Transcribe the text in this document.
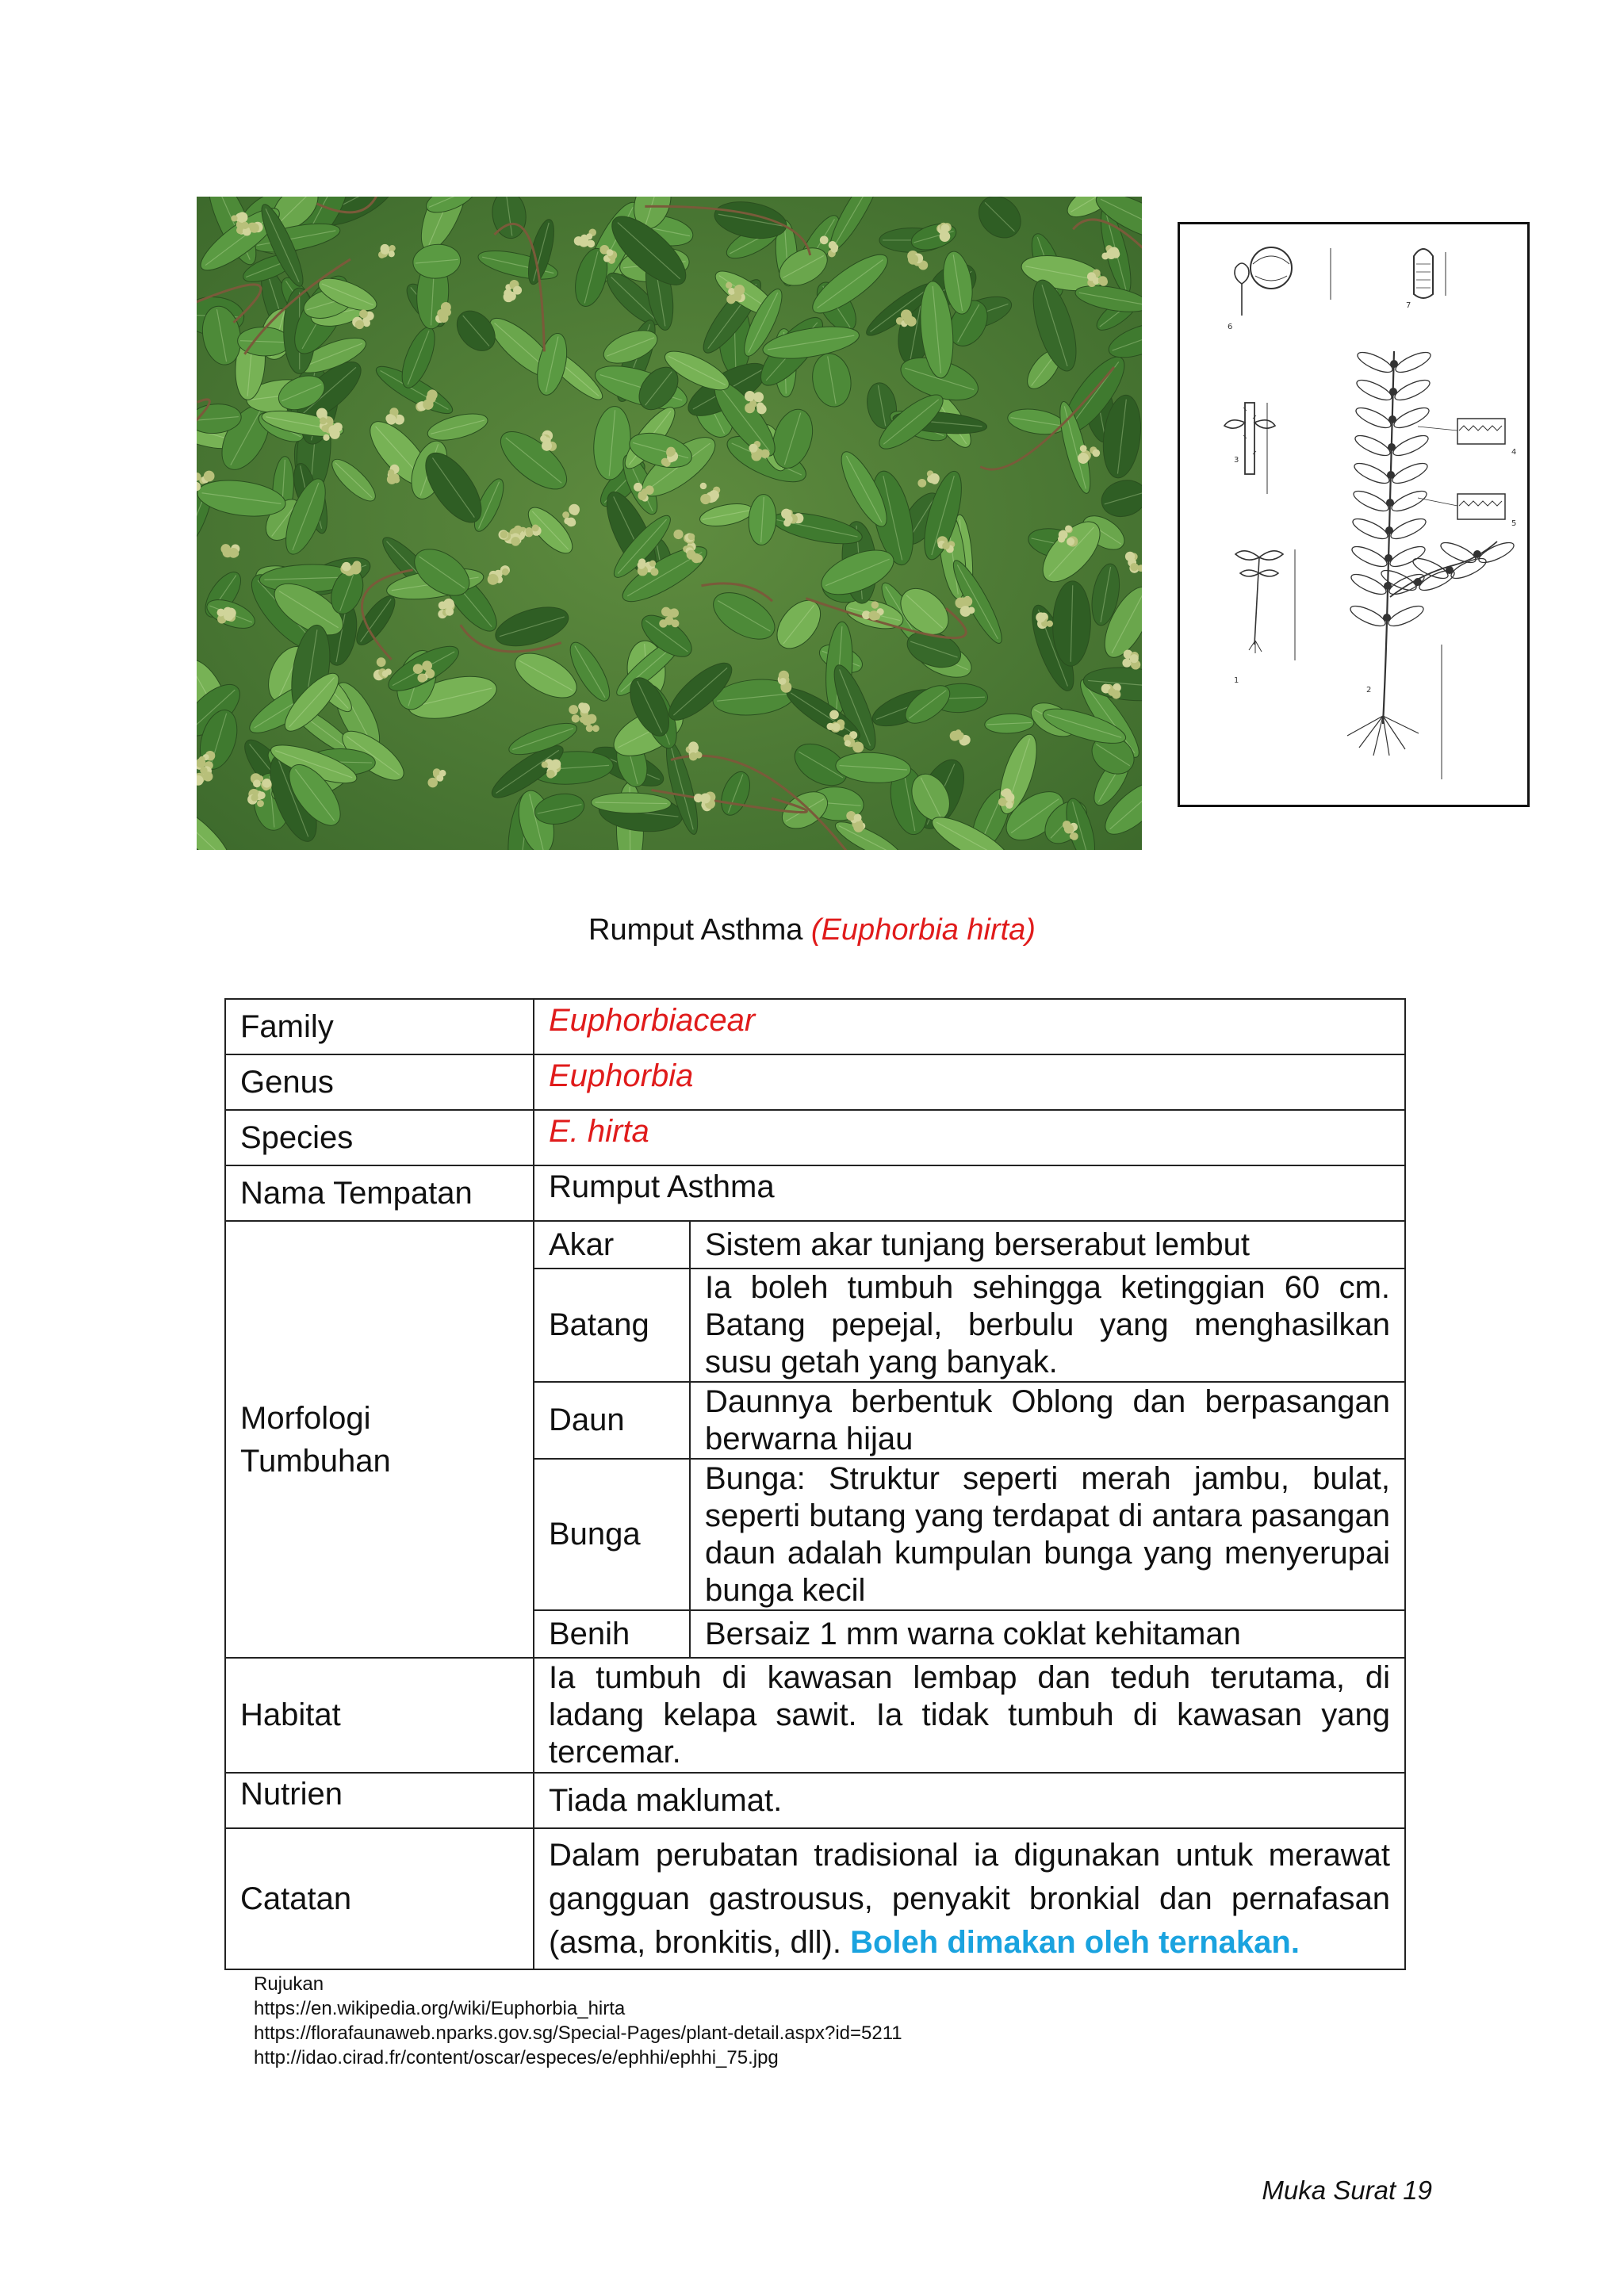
6
7
3
1
4
5
2
Rumput Asthma (Euphorbia hirta)
Family	Euphorbiacear	
Genus	Euphorbia	
Species	E. hirta	
Nama Tempatan	Rumput Asthma	

Morfologi
Tumbuhan	Akar	Sistem akar tunjang berserabut lembut
	Batang	Ia boleh tumbuh sehingga ketinggian 60 cm. Batang pepejal, berbulu yang menghasilkan susu getah yang banyak.
	Daun	Daunnya berbentuk Oblong dan berpasangan berwarna hijau
	Bunga	Bunga: Struktur seperti merah jambu, bulat, seperti butang yang terdapat di antara pasangan daun adalah kumpulan bunga yang menyerupai bunga kecil
	Benih	Bersaiz 1 mm warna coklat kehitaman
Habitat	Ia tumbuh di kawasan lembap dan teduh terutama, di ladang kelapa sawit. Ia tidak tumbuh di kawasan yang tercemar.	
Nutrien	Tiada maklumat.	
Catatan	Dalam perubatan tradisional ia digunakan untuk merawat gangguan gastrousus, penyakit bronkial dan pernafasan (asma, bronkitis, dll). Boleh dimakan oleh ternakan.	
Rujukan
https://en.wikipedia.org/wiki/Euphorbia_hirta
https://florafaunaweb.nparks.gov.sg/Special-Pages/plant-detail.aspx?id=5211
http://idao.cirad.fr/content/oscar/especes/e/ephhi/ephhi_75.jpg
Muka Surat 19
